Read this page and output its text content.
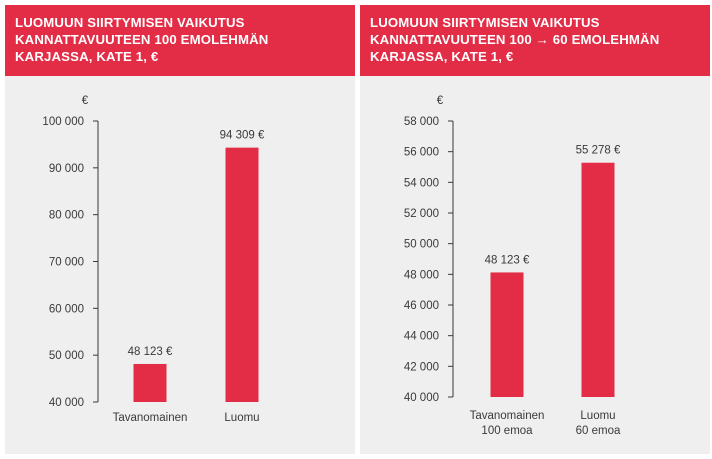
LUOMUUN SIIRTYMISEN VAIKUTUS
KANNATTAVUUTEEN 100 EMOLEHMÄN
KARJASSA, KATE 1, €

€
40 000
50 000
60 000
70 000
80 000
90 000
100 000
48 123 €
Tavanomainen
94 309 €
Luomu

LUOMUUN SIIRTYMISEN VAIKUTUS
KANNATTAVUUTEEN 100 → 60 EMOLEHMÄN
KARJASSA, KATE 1, €

€
40 000
42 000
44 000
46 000
48 000
50 000
52 000
54 000
56 000
58 000
48 123 €
Tavanomainen
100 emoa
55 278 €
Luomu
60 emoa
